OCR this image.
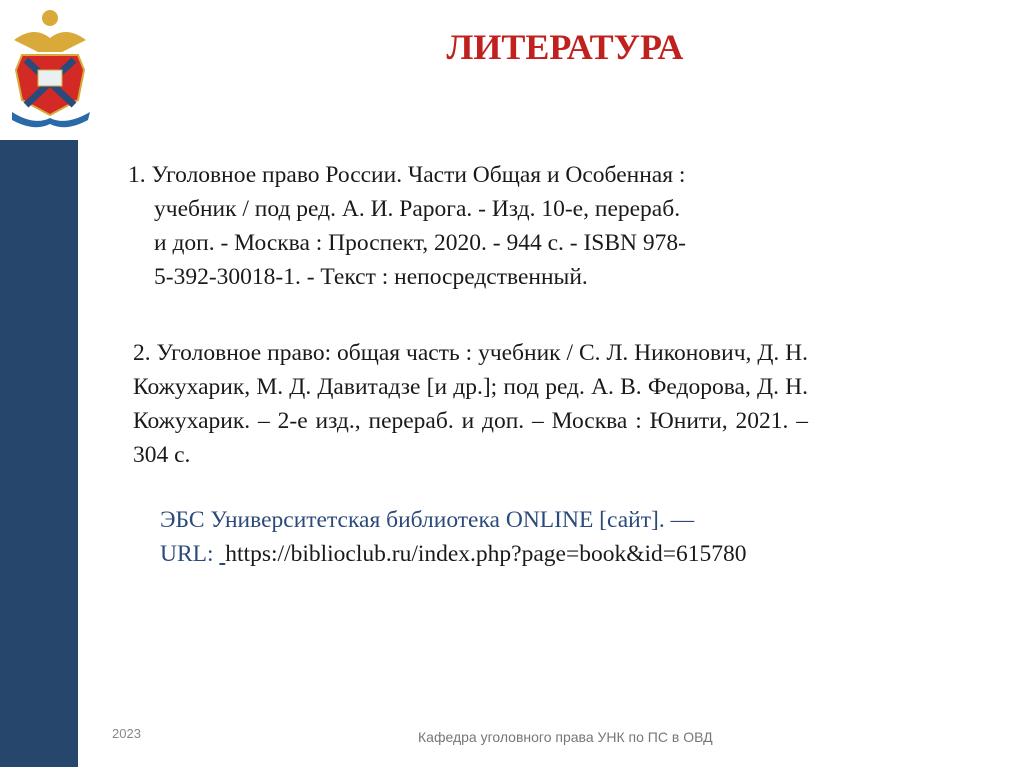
ЛИТЕРАТУРА
1. Уголовное право России. Части Общая и Особенная :
учебник / под ред. А. И. Рарога. - Изд. 10-е, перераб.
и доп. - Москва : Проспект, 2020. - 944 с. - ISBN 978-
5-392-30018-1. - Текст : непосредственный.
2. Уголовное право: общая часть : учебник / С. Л. Никонович, Д. Н. Кожухарик, М. Д. Давитадзе [и др.]; под ред. А. В. Федорова, Д. Н. Кожухарик. – 2-е изд., перераб. и доп. – Москва : Юнити, 2021. – 304 с.
ЭБС Университетская библиотека ONLINE [сайт]. —
URL:  https://biblioclub.ru/index.php?page=book&id=615780
2023	Кафедра уголовного права УНК по ПС в ОВД
